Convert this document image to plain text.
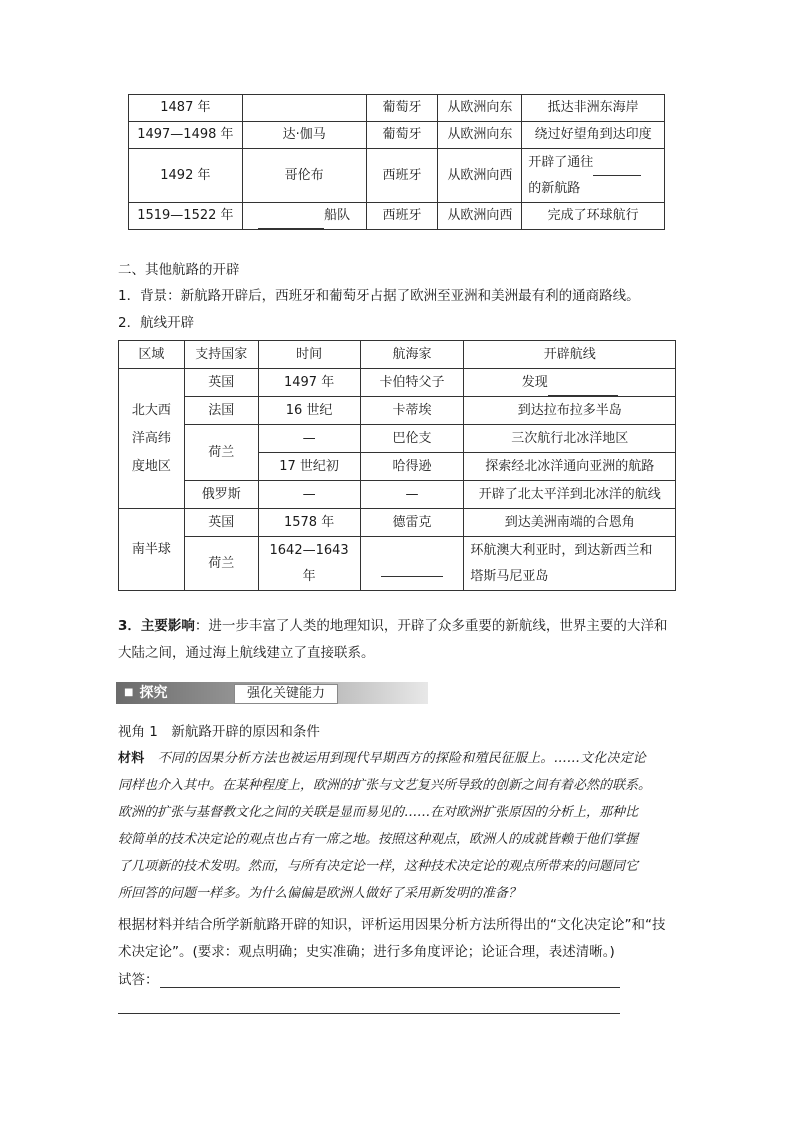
1487 年		葡萄牙	从欧洲向东	抵达非洲东海岸
1497—1498 年	达·伽马	葡萄牙	从欧洲向东	绕过好望角到达印度
1492 年	哥伦布	西班牙	从欧洲向西	开辟了通往
的新航路

1519—1522 年	船队	西班牙	从欧洲向西	完成了环球航行
二、其他航路的开辟
1．背景：新航路开辟后，西班牙和葡萄牙占据了欧洲至亚洲和美洲最有利的通商路线。
2．航线开辟
区域	支持国家	时间	航海家	开辟航线

北大西
洋高纬
度地区	英国	1497 年	卡伯特父子	发现
	法国	16 世纪	卡蒂埃	到达拉布拉多半岛
	荷兰	—	巴伦支	三次航行北冰洋地区
		17 世纪初	哈得逊	探索经北冰洋通向亚洲的航路
	俄罗斯	—	—	开辟了北太平洋到北冰洋的航线
南半球	英国	1578 年	德雷克	到达美洲南端的合恩角
	荷兰	1642—1643 年		环航澳大利亚时，到达新西兰和
塔斯马尼亚岛
3．主要影响：进一步丰富了人类的地理知识，开辟了众多重要的新航线，世界主要的大洋和
大陆之间，通过海上航线建立了直接联系。
■ 探究	强化关键能力
视角 1　新航路开辟的原因和条件
材料　不同的因果分析方法也被运用到现代早期西方的探险和殖民征服上。……文化决定论
同样也介入其中。在某种程度上，欧洲的扩张与文艺复兴所导致的创新之间有着必然的联系。
欧洲的扩张与基督教文化之间的关联是显而易见的……在对欧洲扩张原因的分析上，那种比
较简单的技术决定论的观点也占有一席之地。按照这种观点，欧洲人的成就皆赖于他们掌握
了几项新的技术发明。然而，与所有决定论一样，这种技术决定论的观点所带来的问题同它
所回答的问题一样多。为什么偏偏是欧洲人做好了采用新发明的准备？
根据材料并结合所学新航路开辟的知识，评析运用因果分析方法所得出的“文化决定论”和“技
术决定论”。(要求：观点明确；史实准确；进行多角度评论；论证合理，表述清晰。)
试答：
